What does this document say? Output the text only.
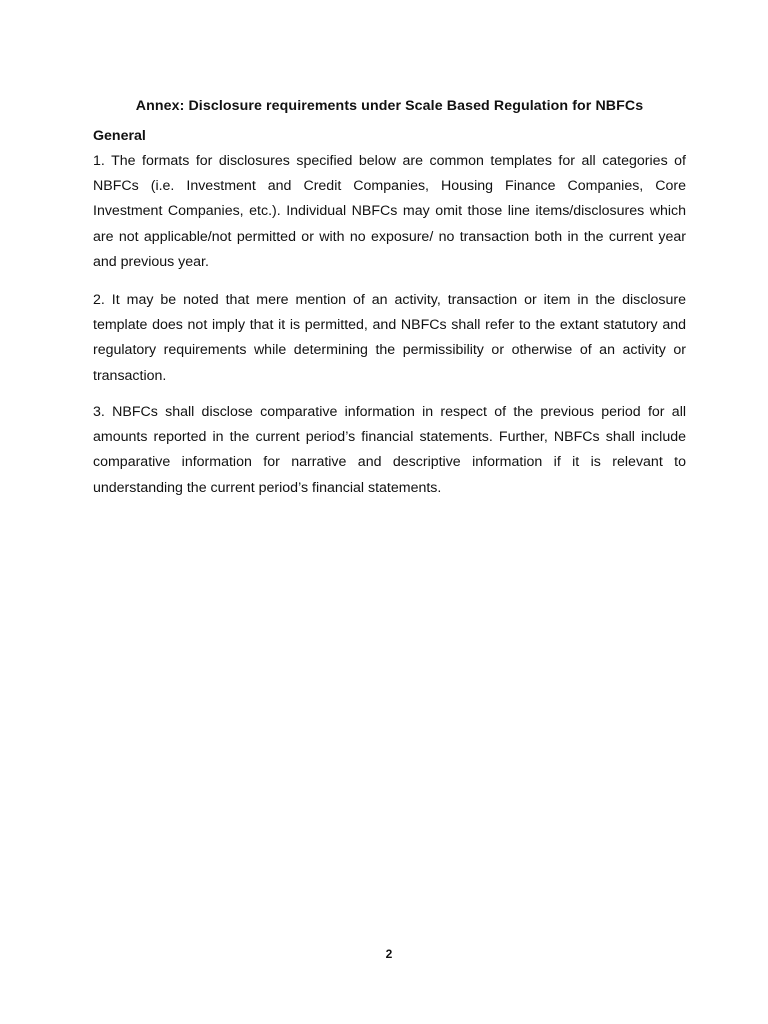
Annex: Disclosure requirements under Scale Based Regulation for NBFCs
General

1. The formats for disclosures specified below are common templates for all categories of NBFCs (i.e. Investment and Credit Companies, Housing Finance Companies, Core Investment Companies, etc.). Individual NBFCs may omit those line items/disclosures which are not applicable/not permitted or with no exposure/ no transaction both in the current year and previous year.

2. It may be noted that mere mention of an activity, transaction or item in the disclosure template does not imply that it is permitted, and NBFCs shall refer to the extant statutory and regulatory requirements while determining the permissibility or otherwise of an activity or transaction.

3. NBFCs shall disclose comparative information in respect of the previous period for all amounts reported in the current period’s financial statements. Further, NBFCs shall include comparative information for narrative and descriptive information if it is relevant to understanding the current period’s financial statements.

2
